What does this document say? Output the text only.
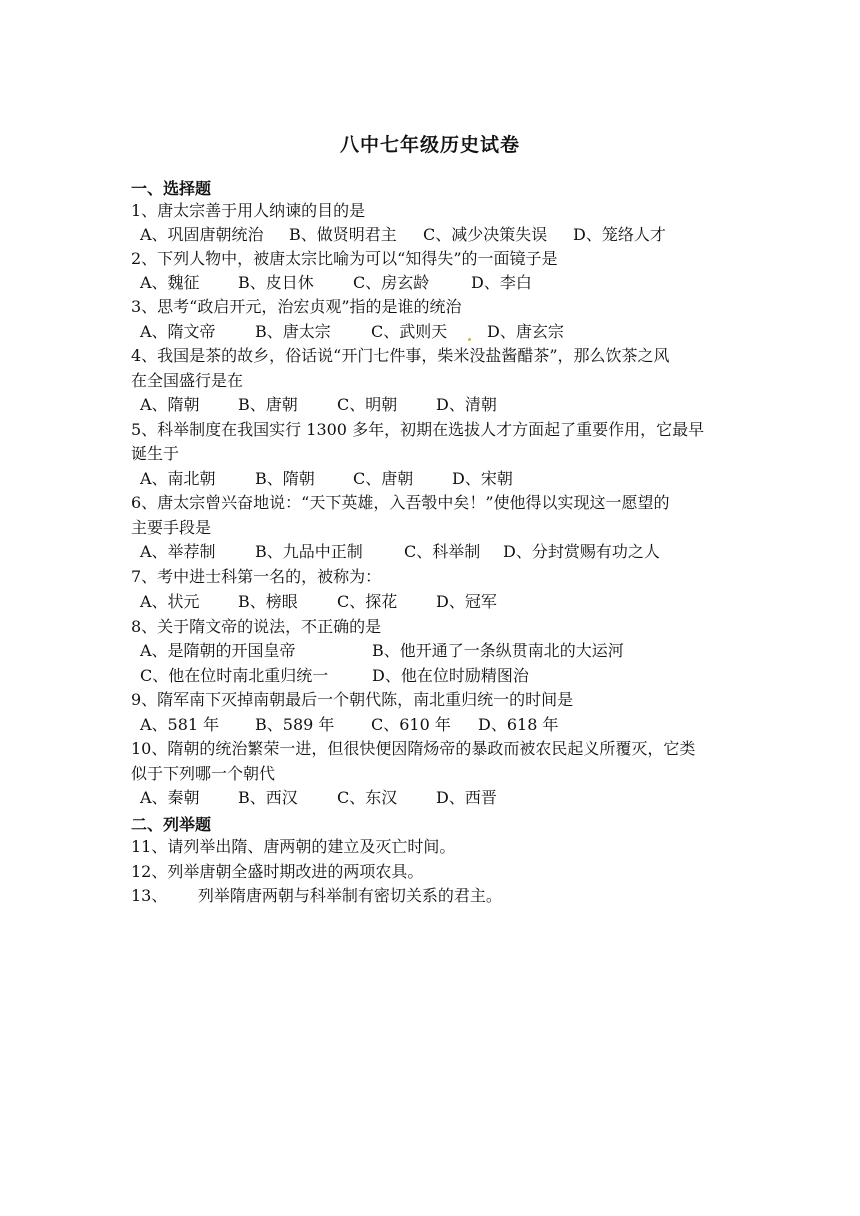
八中七年级历史试卷
一、选择题
1、唐太宗善于用人纳谏的目的是
A、巩固唐朝统治 B、做贤明君主 C、减少决策失误 D、笼络人才
2、下列人物中，被唐太宗比喻为可以“知得失”的一面镜子是
A、魏征 B、皮日休 C、房玄龄	D、李白
3、思考“政启开元，治宏贞观”指的是谁的统治
A、隋文帝 B、唐太宗	C、武则天 D、唐玄宗
4、我国是茶的故乡，俗话说“开门七件事，柴米没盐酱醋茶”，那么饮茶之风
在全国盛行是在
A、隋朝 B、唐朝 C、明朝 D、清朝
5、科举制度在我国实行 1300 多年，初期在选拔人才方面起了重要作用，它最早
诞生于
A、南北朝 B、隋朝 C、唐朝 D、宋朝
6、唐太宗曾兴奋地说：“天下英雄，入吾彀中矣！”使他得以实现这一愿望的
主要手段是
A、举荐制 B、九品中正制	C、科举制 D、分封赏赐有功之人
7、考中进士科第一名的，被称为：
A、状元 B、榜眼 C、探花 D、冠军
8、关于隋文帝的说法，不正确的是
A、是隋朝的开国皇帝	B、他开通了一条纵贯南北的大运河
C、他在位时南北重归统一	D、他在位时励精图治
9、隋军南下灭掉南朝最后一个朝代陈，南北重归统一的时间是
A、581 年 B、589 年 C、610 年 D、618 年
10、隋朝的统治繁荣一进，但很快便因隋炀帝的暴政而被农民起义所覆灭，它类
似于下列哪一个朝代
A、秦朝 B、西汉 C、东汉 D、西晋
二、列举题
11、请列举出隋、唐两朝的建立及灭亡时间。
12、列举唐朝全盛时期改进的两项农具。
13、      列举隋唐两朝与科举制有密切关系的君主。
